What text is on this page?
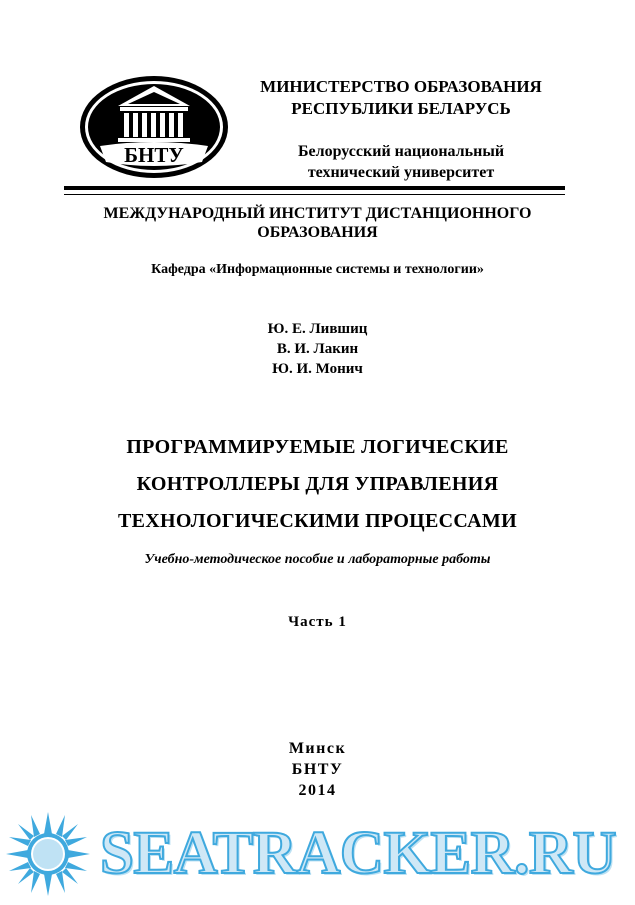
БНТУ
МИНИСТЕРСТВО ОБРАЗОВАНИЯ
РЕСПУБЛИКИ БЕЛАРУСЬ
Белорусский национальный
технический университет
МЕЖДУНАРОДНЫЙ ИНСТИТУТ ДИСТАНЦИОННОГО
ОБРАЗОВАНИЯ
Кафедра «Информационные системы и технологии»
Ю. Е. Лившиц
В. И. Лакин
Ю. И. Монич
ПРОГРАММИРУЕМЫЕ ЛОГИЧЕСКИЕ
КОНТРОЛЛЕРЫ ДЛЯ УПРАВЛЕНИЯ
ТЕХНОЛОГИЧЕСКИМИ ПРОЦЕССАМИ
Учебно-методическое пособие и лабораторные работы
Часть 1
Минск
БНТУ
2014
SEATRACKER.RU
